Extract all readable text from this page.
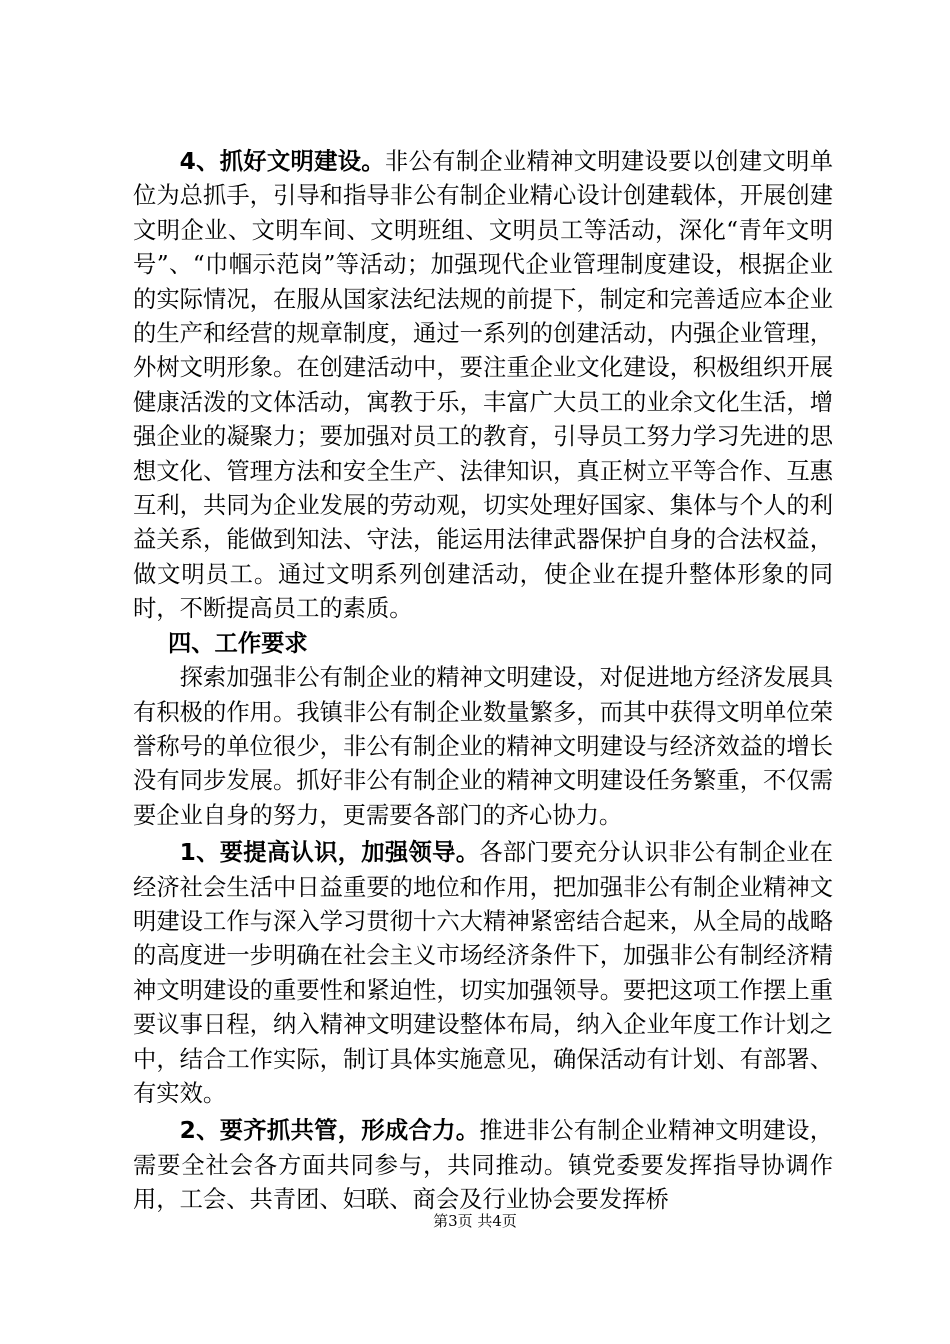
4、抓好文明建设。非公有制企业精神文明建设要以创建文明单位为总抓手，引导和指导非公有制企业精心设计创建载体，开展创建文明企业、文明车间、文明班组、文明员工等活动，深化“青年文明号”、“巾帼示范岗”等活动；加强现代企业管理制度建设，根据企业的实际情况，在服从国家法纪法规的前提下，制定和完善适应本企业的生产和经营的规章制度，通过一系列的创建活动，内强企业管理，外树文明形象。在创建活动中，要注重企业文化建设，积极组织开展健康活泼的文体活动，寓教于乐，丰富广大员工的业余文化生活，增强企业的凝聚力；要加强对员工的教育，引导员工努力学习先进的思想文化、管理方法和安全生产、法律知识，真正树立平等合作、互惠互利，共同为企业发展的劳动观，切实处理好国家、集体与个人的利益关系，能做到知法、守法，能运用法律武器保护自身的合法权益，做文明员工。通过文明系列创建活动，使企业在提升整体形象的同时，不断提高员工的素质。

四、工作要求

探索加强非公有制企业的精神文明建设，对促进地方经济发展具有积极的作用。我镇非公有制企业数量繁多，而其中获得文明单位荣誉称号的单位很少，非公有制企业的精神文明建设与经济效益的增长没有同步发展。抓好非公有制企业的精神文明建设任务繁重，不仅需要企业自身的努力，更需要各部门的齐心协力。

1、要提高认识，加强领导。各部门要充分认识非公有制企业在经济社会生活中日益重要的地位和作用，把加强非公有制企业精神文明建设工作与深入学习贯彻十六大精神紧密结合起来，从全局的战略的高度进一步明确在社会主义市场经济条件下，加强非公有制经济精神文明建设的重要性和紧迫性，切实加强领导。要把这项工作摆上重要议事日程，纳入精神文明建设整体布局，纳入企业年度工作计划之中，结合工作实际，制订具体实施意见，确保活动有计划、有部署、有实效。

2、要齐抓共管，形成合力。推进非公有制企业精神文明建设，需要全社会各方面共同参与，共同推动。镇党委要发挥指导协调作用，工会、共青团、妇联、商会及行业协会要发挥桥

第3页 共4页
